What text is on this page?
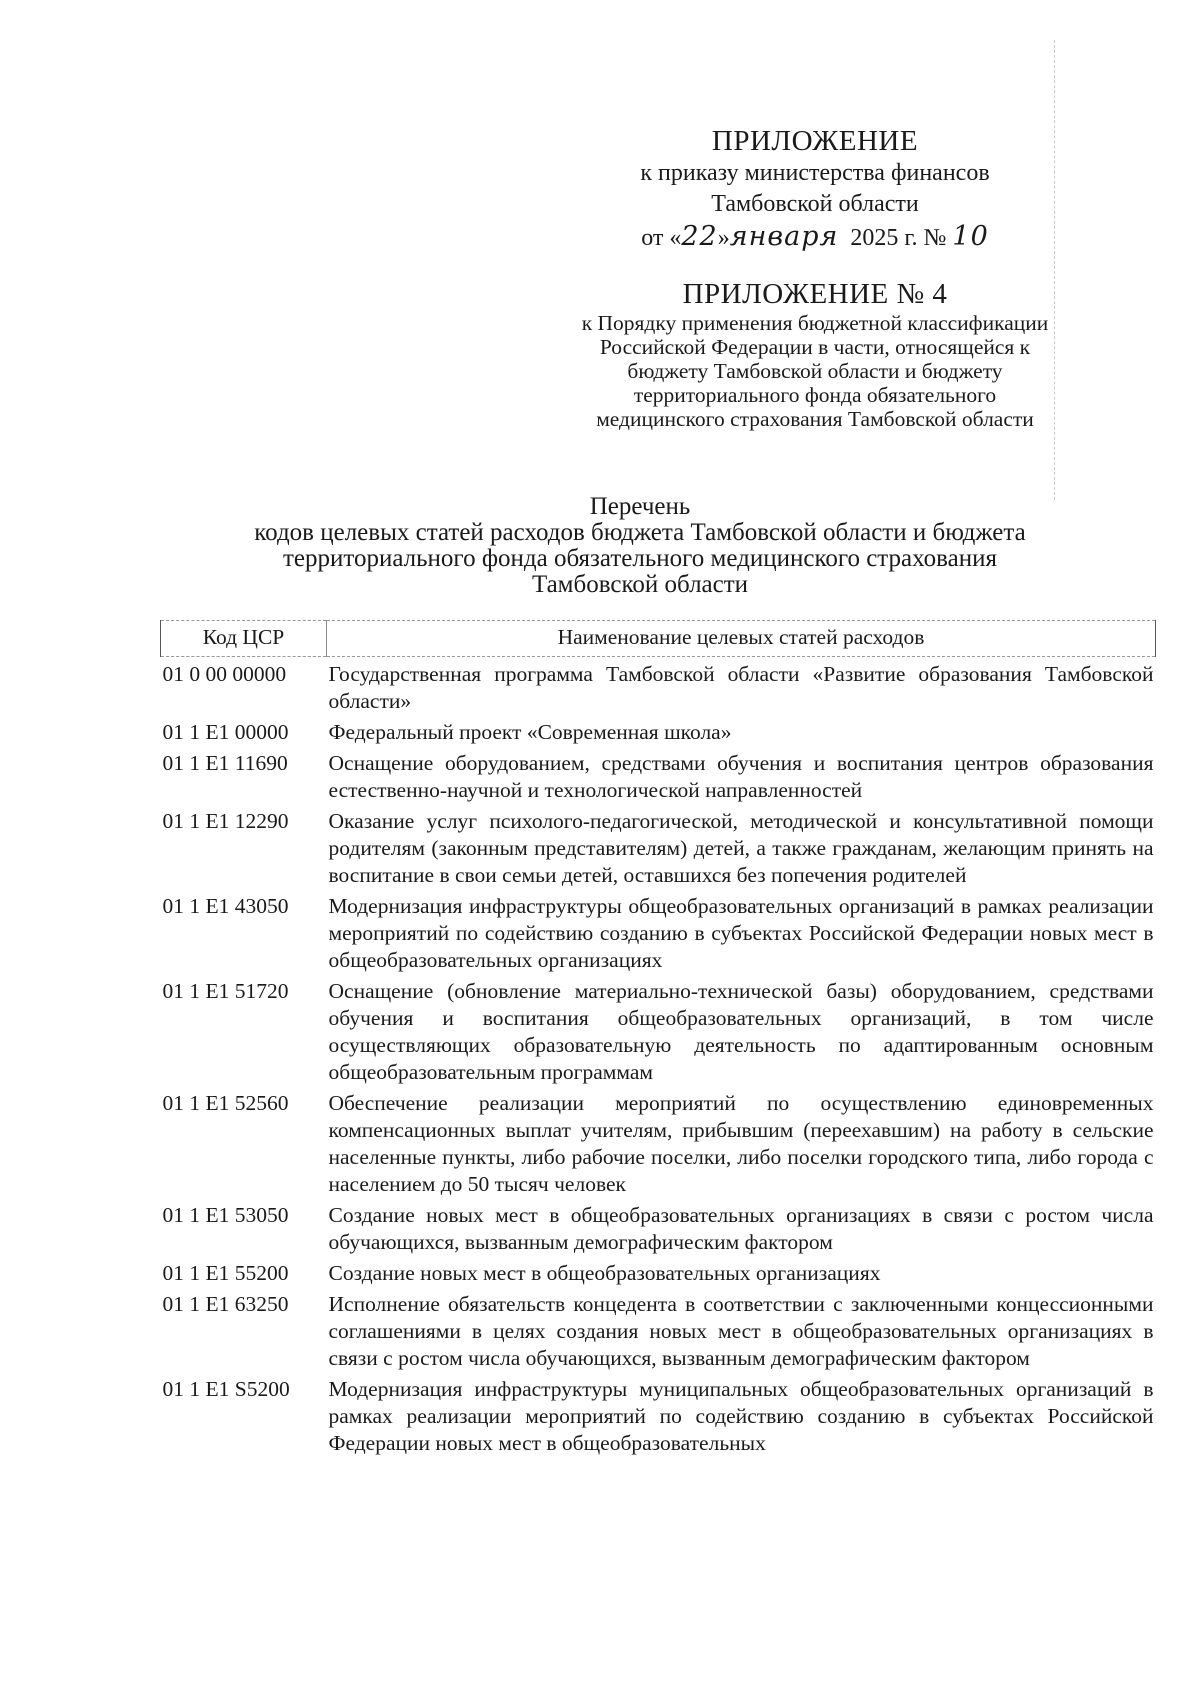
ПРИЛОЖЕНИЕ
к приказу министерства финансов
Тамбовской области
от «22»января 2025 г. № 10
ПРИЛОЖЕНИЕ № 4
к Порядку применения бюджетной классификации
Российской Федерации в части, относящейся к
бюджету Тамбовской области и бюджету
территориального фонда обязательного
медицинского страхования Тамбовской области
Перечень
кодов целевых статей расходов бюджета Тамбовской области и бюджета
территориального фонда обязательного медицинского страхования
Тамбовской области
Код ЦСР	Наименование целевых статей расходов
01 0 00 00000	Государственная программа Тамбовской области «Развитие образования Тамбовской области»
01 1 Е1 00000	Федеральный проект «Современная школа»
01 1 Е1 11690	Оснащение оборудованием, средствами обучения и воспитания центров образования естественно-научной и технологической направленностей
01 1 Е1 12290	Оказание услуг психолого-педагогической, методической и консультативной помощи родителям (законным представителям) детей, а также гражданам, желающим принять на воспитание в свои семьи детей, оставшихся без попечения родителей
01 1 Е1 43050	Модернизация инфраструктуры общеобразовательных организаций в рамках реализации мероприятий по содействию созданию в субъектах Российской Федерации новых мест в общеобразовательных организациях
01 1 Е1 51720	Оснащение (обновление материально-технической базы) оборудованием, средствами обучения и воспитания общеобразовательных организаций, в том числе осуществляющих образовательную деятельность по адаптированным основным общеобразовательным программам
01 1 Е1 52560	Обеспечение реализации мероприятий по осуществлению единовременных компенсационных выплат учителям, прибывшим (переехавшим) на работу в сельские населенные пункты, либо рабочие поселки, либо поселки городского типа, либо города с населением до 50 тысяч человек
01 1 Е1 53050	Создание новых мест в общеобразовательных организациях в связи с ростом числа обучающихся, вызванным демографическим фактором
01 1 Е1 55200	Создание новых мест в общеобразовательных организациях
01 1 Е1 63250	Исполнение обязательств концедента в соответствии с заключенными концессионными соглашениями в целях создания новых мест в общеобразовательных организациях в связи с ростом числа обучающихся, вызванным демографическим фактором
01 1 Е1 S5200	Модернизация инфраструктуры муниципальных общеобразовательных организаций в рамках реализации мероприятий по содействию созданию в субъектах Российской Федерации новых мест в общеобразовательных
